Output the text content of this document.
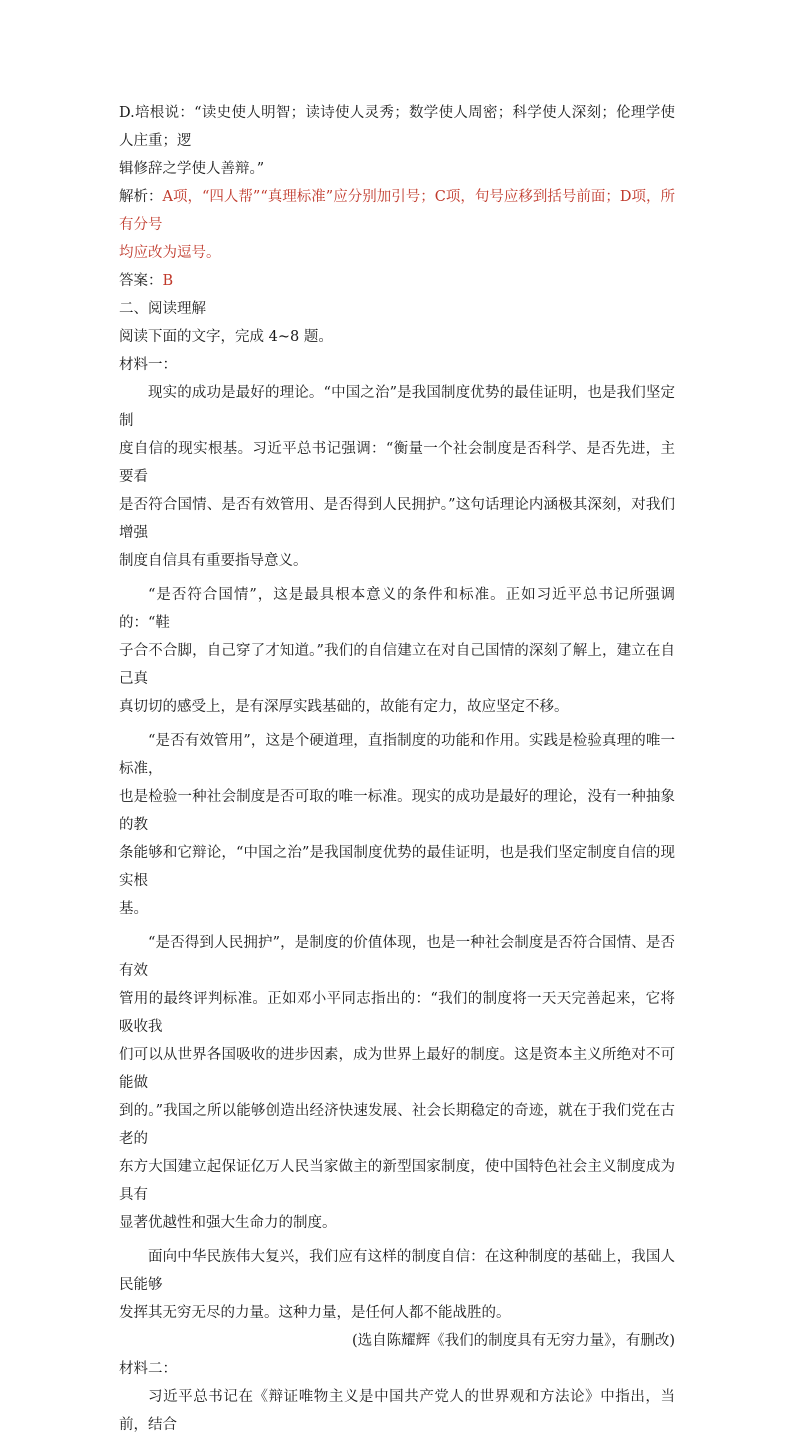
D.培根说：“读史使人明智；读诗使人灵秀；数学使人周密；科学使人深刻；伦理学使人庄重；逻
辑修辞之学使人善辩。”
解析：A项，“四人帮”“真理标准”应分别加引号；C项，句号应移到括号前面；D项，所有分号
均应改为逗号。
答案：B
二、阅读理解
阅读下面的文字，完成 4~8 题。
材料一：
现实的成功是最好的理论。“中国之治”是我国制度优势的最佳证明，也是我们坚定制
度自信的现实根基。习近平总书记强调：“衡量一个社会制度是否科学、是否先进，主要看
是否符合国情、是否有效管用、是否得到人民拥护。”这句话理论内涵极其深刻，对我们增强
制度自信具有重要指导意义。
“是否符合国情”，这是最具根本意义的条件和标准。正如习近平总书记所强调的：“鞋
子合不合脚，自己穿了才知道。”我们的自信建立在对自己国情的深刻了解上，建立在自己真
真切切的感受上，是有深厚实践基础的，故能有定力，故应坚定不移。
“是否有效管用”，这是个硬道理，直指制度的功能和作用。实践是检验真理的唯一标准，
也是检验一种社会制度是否可取的唯一标准。现实的成功是最好的理论，没有一种抽象的教
条能够和它辩论，“中国之治”是我国制度优势的最佳证明，也是我们坚定制度自信的现实根
基。
“是否得到人民拥护”，是制度的价值体现，也是一种社会制度是否符合国情、是否有效
管用的最终评判标准。正如邓小平同志指出的：“我们的制度将一天天完善起来，它将吸收我
们可以从世界各国吸收的进步因素，成为世界上最好的制度。这是资本主义所绝对不可能做
到的。”我国之所以能够创造出经济快速发展、社会长期稳定的奇迹，就在于我们党在古老的
东方大国建立起保证亿万人民当家做主的新型国家制度，使中国特色社会主义制度成为具有
显著优越性和强大生命力的制度。
面向中华民族伟大复兴，我们应有这样的制度自信：在这种制度的基础上，我国人民能够
发挥其无穷无尽的力量。这种力量，是任何人都不能战胜的。
(选自陈耀辉《我们的制度具有无穷力量》，有删改)
材料二：
习近平总书记在《辩证唯物主义是中国共产党人的世界观和方法论》中指出，当前，结合
